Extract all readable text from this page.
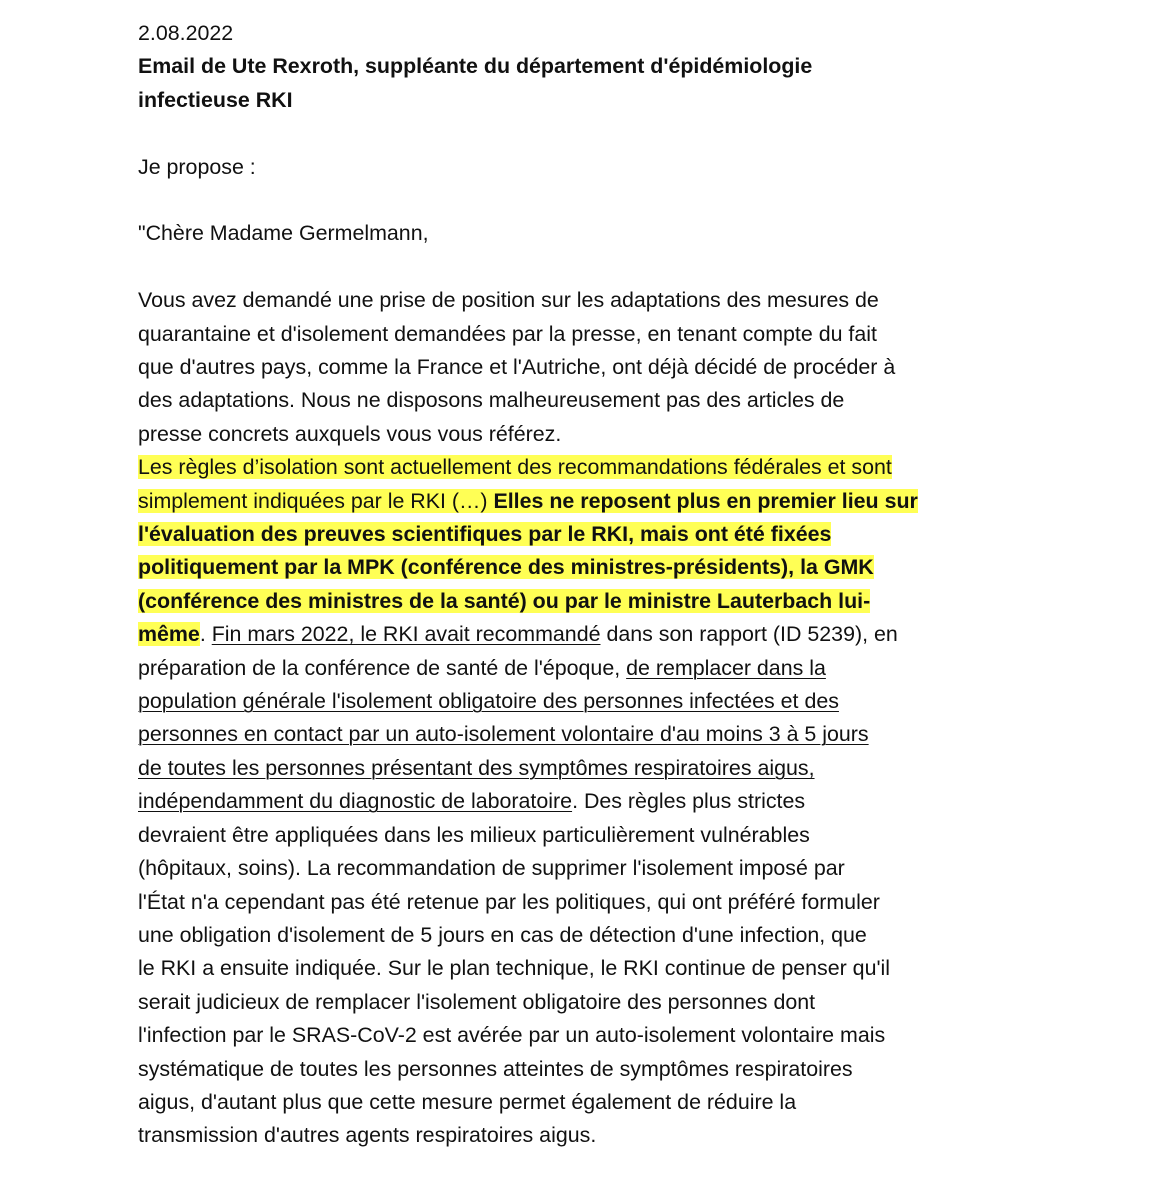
2.08.2022

Email de Ute Rexroth, suppléante du département d'épidémiologie

infectieuse RKI

Je propose :

"Chère Madame Germelmann,

Vous avez demandé une prise de position sur les adaptations des mesures de

quarantaine et d'isolement demandées par la presse, en tenant compte du fait

que d'autres pays, comme la France et l'Autriche, ont déjà décidé de procéder à

des adaptations. Nous ne disposons malheureusement pas des articles de

presse concrets auxquels vous vous référez.

Les règles d’isolation sont actuellement des recommandations fédérales et sont

simplement indiquées par le RKI (…) Elles ne reposent plus en premier lieu sur

l'évaluation des preuves scientifiques par le RKI, mais ont été fixées

politiquement par la MPK (conférence des ministres-présidents), la GMK

(conférence des ministres de la santé) ou par le ministre Lauterbach lui-

même. Fin mars 2022, le RKI avait recommandé dans son rapport (ID 5239), en

préparation de la conférence de santé de l'époque, de remplacer dans la

population générale l'isolement obligatoire des personnes infectées et des

personnes en contact par un auto-isolement volontaire d'au moins 3 à 5 jours

de toutes les personnes présentant des symptômes respiratoires aigus,

indépendamment du diagnostic de laboratoire. Des règles plus strictes

devraient être appliquées dans les milieux particulièrement vulnérables

(hôpitaux, soins). La recommandation de supprimer l'isolement imposé par

l'État n'a cependant pas été retenue par les politiques, qui ont préféré formuler

une obligation d'isolement de 5 jours en cas de détection d'une infection, que

le RKI a ensuite indiquée. Sur le plan technique, le RKI continue de penser qu'il

serait judicieux de remplacer l'isolement obligatoire des personnes dont

l'infection par le SRAS-CoV-2 est avérée par un auto-isolement volontaire mais

systématique de toutes les personnes atteintes de symptômes respiratoires

aigus, d'autant plus que cette mesure permet également de réduire la

transmission d'autres agents respiratoires aigus.
